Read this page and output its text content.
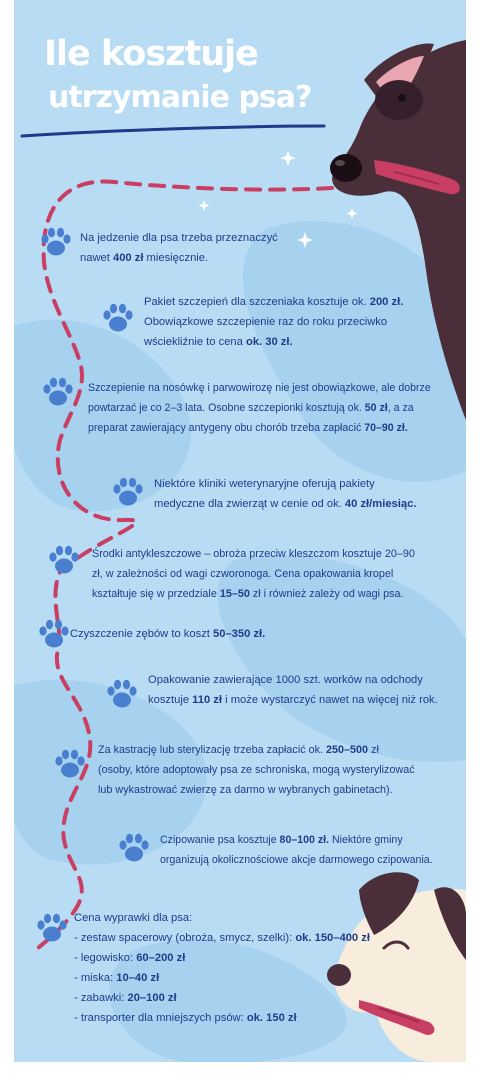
Ile kosztuje
utrzymanie psa?
Na jedzenie dla psa trzeba przeznaczyć
nawet 400 zł miesięcznie.
Pakiet szczepień dla szczeniaka kosztuje ok. 200 zł.
Obowiązkowe szczepienie raz do roku przeciwko
wściekliźnie to cena ok. 30 zł.
Szczepienie na nosówkę i parwowirozę nie jest obowiązkowe, ale dobrze
powtarzać je co 2–3 lata. Osobne szczepionki kosztują ok. 50 zł, a za
preparat zawierający antygeny obu chorób trzeba zapłacić 70–90 zł.
Niektóre kliniki weterynaryjne oferują pakiety
medyczne dla zwierząt w cenie od ok. 40 zł/miesiąc.
Środki antykleszczowe – obroża przeciw kleszczom kosztuje 20–90
zł, w zależności od wagi czworonoga. Cena opakowania kropel
kształtuje się w przedziale 15–50 zł i również zależy od wagi psa.
Czyszczenie zębów to koszt 50–350 zł.
Opakowanie zawierające 1000 szt. worków na odchody
kosztuje 110 zł i może wystarczyć nawet na więcej niż rok.
Za kastrację lub sterylizację trzeba zapłacić ok. 250–500 zł
(osoby, które adoptowały psa ze schroniska, mogą wysterylizować
lub wykastrować zwierzę za darmo w wybranych gabinetach).
Czipowanie psa kosztuje 80–100 zł. Niektóre gminy
organizują okolicznościowe akcje darmowego czipowania.
Cena wyprawki dla psa:
- zestaw spacerowy (obroża, smycz, szelki): ok. 150–400 zł
- legowisko: 60–200 zł
- miska: 10–40 zł
- zabawki: 20–100 zł
- transporter dla mniejszych psów: ok. 150 zł
